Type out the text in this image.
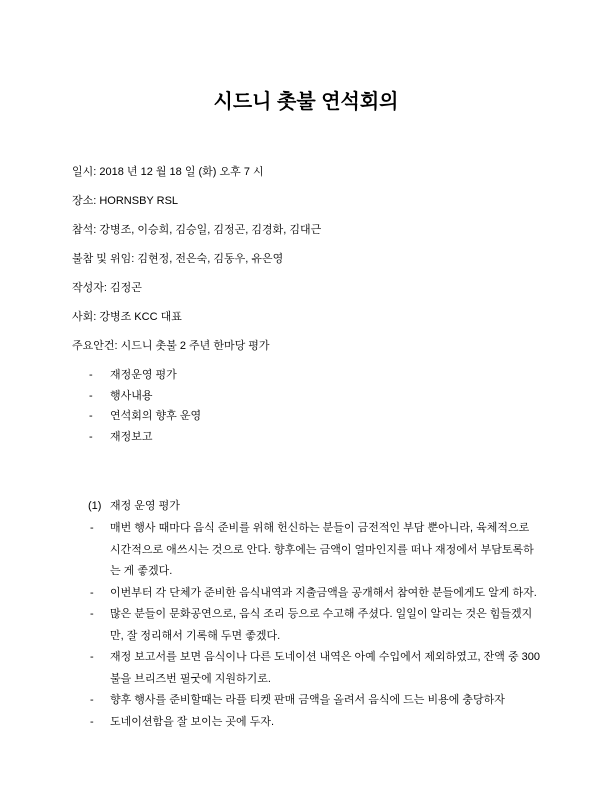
시드니 촛불 연석회의
일시: 2018 년 12 월 18 일 (화) 오후 7 시
장소: HORNSBY RSL
참석: 강병조, 이승희, 김승일, 김정곤, 김경화, 김대근
불참 및 위임: 김현정, 전은숙, 김동우, 유은영
작성자: 김정곤
사회: 강병조 KCC 대표
주요안건: 시드니 촛불 2 주년 한마당 평가
-	재정운영 평가
-	행사내용
-	연석회의 향후 운영
-	재정보고
(1) 재정 운영 평가
-	매번 행사 때마다 음식 준비를 위해 헌신하는 분들이 금전적인 부담 뿐아니라, 육체적으로 시간적으로 애쓰시는 것으로 안다. 향후에는 금액이 얼마인지를 떠나 재정에서 부담토록하는 게 좋겠다.
-	이번부터 각 단체가 준비한 음식내역과 지출금액을 공개해서 참여한 분들에게도 알게 하자.
-	많은 분들이 문화공연으로, 음식 조리 등으로 수고해 주셨다. 일일이 알리는 것은 힘들겠지만, 잘 정리해서 기록해 두면 좋겠다.
-	재정 보고서를 보면 음식이나 다른 도네이션 내역은 아예 수입에서 제외하였고, 잔액 중 300 불을 브리즈번 필굿에 지원하기로.
-	향후 행사를 준비할때는 라플 티켓 판매 금액을 올려서 음식에 드는 비용에 충당하자
-	도네이션함을 잘 보이는 곳에 두자.
